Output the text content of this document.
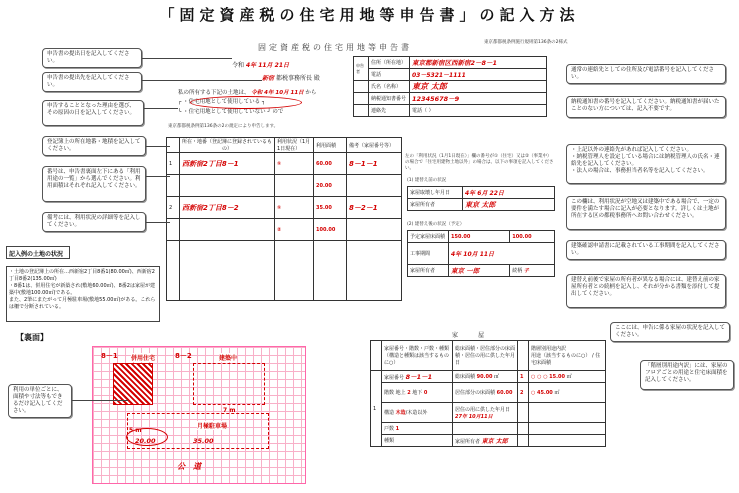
「固定資産税の住宅用地等申告書」の記入方法
固定資産税の住宅用地等申告書
東京都都税条例施行規則第136条の2様式
令和 4年 11月 21日
新宿 都税事務所長 殿
私の所有する下記の土地は、 令和 4年 10月 11日 から
┌ ・住宅用地として使用している ┐
└ ・住宅用地として使用していない ┘ ので
東京都都税条例第136条の2の規定により申告します。
申告者	住所（所在地）	東京都新宿区西新宿2－8－1
	電話	03－5321－1111
	氏名（名称）	東京 太郎
	納税通知書番号	12345678－9
	連絡先	電話（ ）
	所在・地番（登記簿に登録されているもの）	利用状況（1月1日現在）	利用面積	備考（家屋番号等）
1	西新宿2丁目8－1	①	60.00	8－1－1
			20.00	
2	西新宿2丁目8－2	①	35.00	8－2－1
		②	100.00	

左の「利用状況（1月1日現在）」欄の番号が①（住宅）又は②（事業中）の場合で「住宅用建物土地以外」の場合は、以下の事項を記入してください。
(1) 建替え前の状況
家屋取壊し年月日	4年 6月 22日
家屋所有者	東京 太郎
(2) 建替え後の状況（予定）
予定家屋床面積	150.00	100.00
工事期間	4年 10月 11日	
家屋所有者	東京 一郎	続柄 子
申告書の提出日を記入してください。
申告書の提出先を記入してください。
申告することとなった理由を選び、その原因の日を記入してください。
登記簿上の所在地番・地積を記入してください。
番号は、申告書裏面左下にある「利用用途の一覧」から選んでください。利用面積はそれぞれ記入してください。
備考には、利用状況の詳細等を記入してください。
記入例の土地の状況
・土地の登記簿上の所在…西新宿2丁目8番1(80.00㎡)、西新宿2丁目8番2(135.00㎡)
・8番1は、併用住宅が新築され(敷地60.00㎡)、8番2は家屋が建築中(敷地100.00㎡)である。
また、2筆にまたがって月極駐車場(敷地55.00㎡)がある。これらは柵で分断されている。
通常の連絡先としての住所及び電話番号を記入してください。
納税通知書の番号を記入してください。納税通知書が届いたことのない方については、記入不要です。
・上記以外の連絡先があれば記入してください。
・納税管理人を設定している場合には納税管理人の氏名・連絡先を記入してください。
・法人の場合は、事務担当者名等を記入してください。
この欄は、利用状況が空地又は建築中である場合で、一定の要件を満たす場合に記入が必要となります。詳しくは土地が所在する区の都税事務所へお問い合わせください。
建築確認申請書に記載されている工事期間を記入してください。
建替え前後で家屋の所有者が異なる場合には、建替え前の家屋所有者との続柄を記入し、それが分かる書類を添付して提出してください。
ここには、申告に係る家屋の状況を記入してください。
「階層別用途内訳」には、家屋のフロアごとの用途と住宅床面積を記入してください。
【裏面】
8－1	8－2
併用住宅	建築中
月極駐車場
7 m
5 m
20.00	35.00
公道
利用の単位ごとに、面積や寸法等もできるだけ記入してください。
家屋
	家屋番号・階数・戸数・種類（構造と種類は該当するものに○）	総床面積・居住部分の床面積・居住の用に供した年月日		階層別用途内訳
用途（該当するものに○） / 住宅床面積
1	家屋番号 8－1－1	総床面積 90.00 ㎡	1	○ ○ ○ 15.00 ㎡
	階数 地上 2 地下 0	居住部分の床面積 60.00	2	○ 45.00 ㎡
	構造 木造/木造以外	居住の用に供した年月日 27年 10月11日		
	戸数 1			
	種類	家屋所有者 東京 太郎		
